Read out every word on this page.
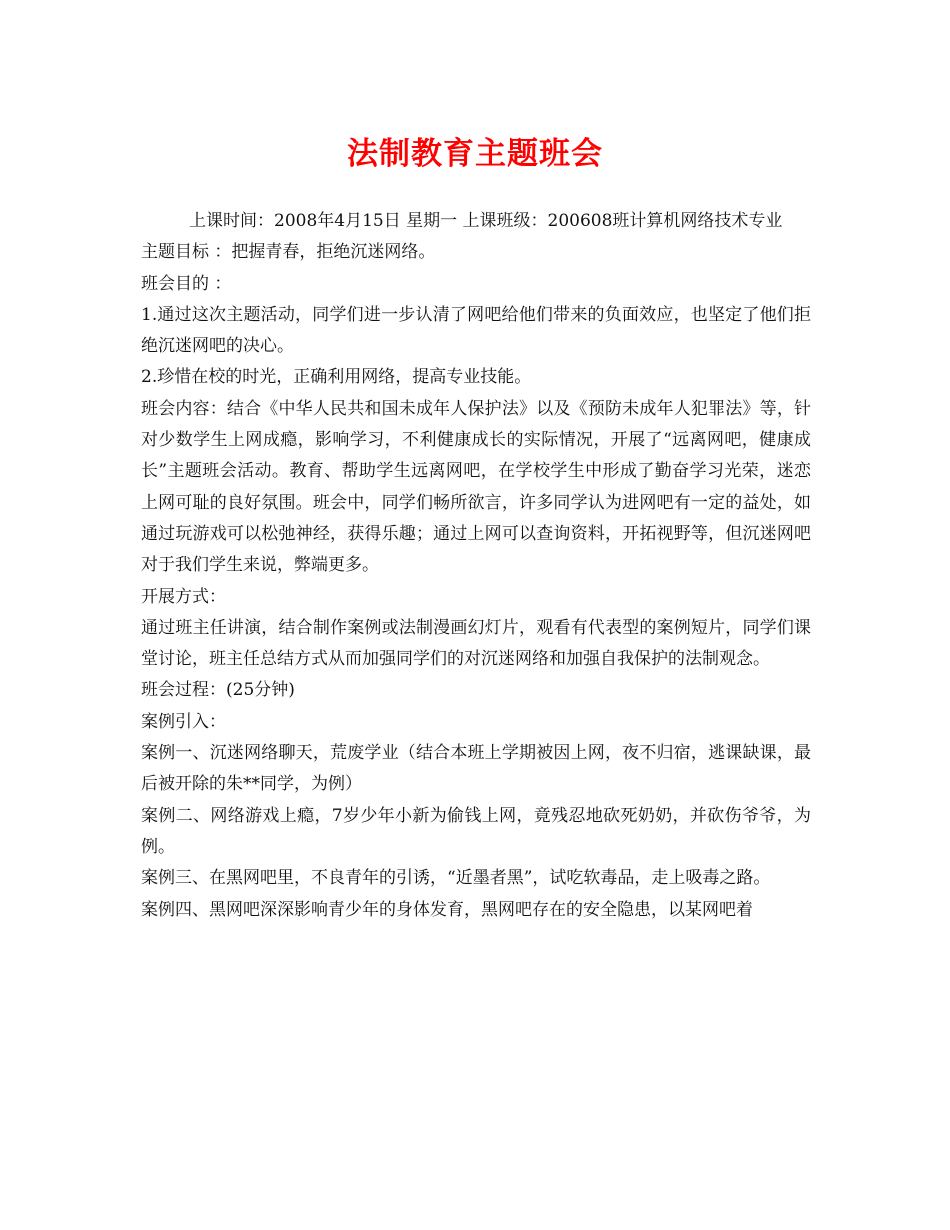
法制教育主题班会

上课时间：2008年4月15日 星期一 上课班级：200608班计算机网络技术专业

主题目标 ：把握青春，拒绝沉迷网络。

班会目的 ：

1.通过这次主题活动，同学们进一步认清了网吧给他们带来的负面效应，也坚定了他们拒绝沉迷网吧的决心。

2.珍惜在校的时光，正确利用网络，提高专业技能。

班会内容：结合《中华人民共和国未成年人保护法》以及《预防未成年人犯罪法》等，针对少数学生上网成瘾，影响学习，不利健康成长的实际情况，开展了“远离网吧，健康成长”主题班会活动。教育、帮助学生远离网吧，在学校学生中形成了勤奋学习光荣，迷恋上网可耻的良好氛围。班会中，同学们畅所欲言，许多同学认为进网吧有一定的益处，如通过玩游戏可以松弛神经，获得乐趣；通过上网可以查询资料，开拓视野等，但沉迷网吧对于我们学生来说，弊端更多。

开展方式：

通过班主任讲演，结合制作案例或法制漫画幻灯片，观看有代表型的案例短片，同学们课堂讨论，班主任总结方式从而加强同学们的对沉迷网络和加强自我保护的法制观念。

班会过程：(25分钟)

案例引入：

案例一、沉迷网络聊天，荒废学业（结合本班上学期被因上网，夜不归宿，逃课缺课，最后被开除的朱**同学，为例）

案例二、网络游戏上瘾，7岁少年小新为偷钱上网，竟残忍地砍死奶奶，并砍伤爷爷，为例。

案例三、在黑网吧里，不良青年的引诱，“近墨者黑”，试吃软毒品，走上吸毒之路。

案例四、黑网吧深深影响青少年的身体发育，黑网吧存在的安全隐患，以某网吧着
